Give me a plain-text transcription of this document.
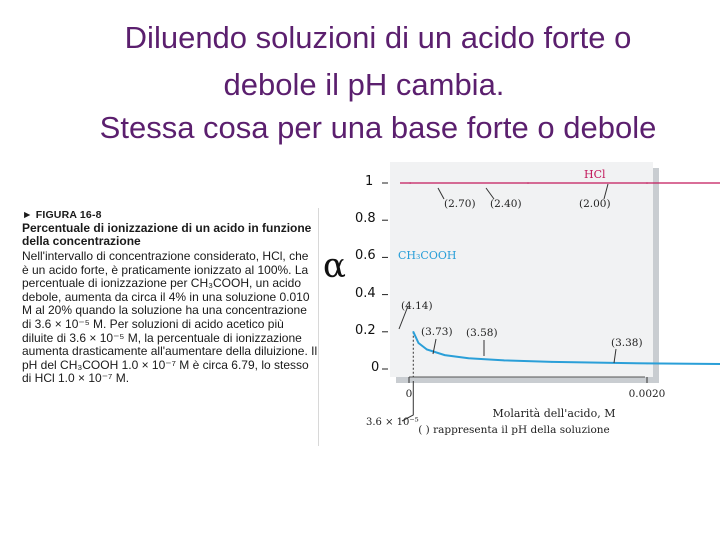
Diluendo soluzioni di un acido forte o
debole il pH cambia.
Stessa cosa per una base forte o debole
► FIGURA 16-8
Percentuale di ionizzazione di un acido in funzione della concentrazione
Nell'intervallo di concentrazione considerato, HCl, che è un acido forte, è praticamente ionizzato al 100%. La percentuale di ionizzazione per CH₃COOH, un acido debole, aumenta da circa il 4% in una soluzione 0.010 M al 20% quando la soluzione ha una concentrazione di 3.6 × 10⁻⁵ M. Per soluzioni di acido acetico più diluite di 3.6 × 10⁻⁵ M, la percentuale di ionizzazione aumenta drasticamente all'aumentare della diluizione. Il pH del CH₃COOH 1.0 × 10⁻⁷ M è circa 6.79, lo stesso di HCl 1.0 × 10⁻⁷ M.
α
0
0.2
0.4
0.6
0.8
1
0	0.0020
3.6 × 10⁻⁵
Molarità dell'acido, M
( ) rappresenta il pH della soluzione
HCl
CH₃COOH
(2.70) (2.40)	(2.00)
(4.14)
(3.73) (3.58)
(3.38)
